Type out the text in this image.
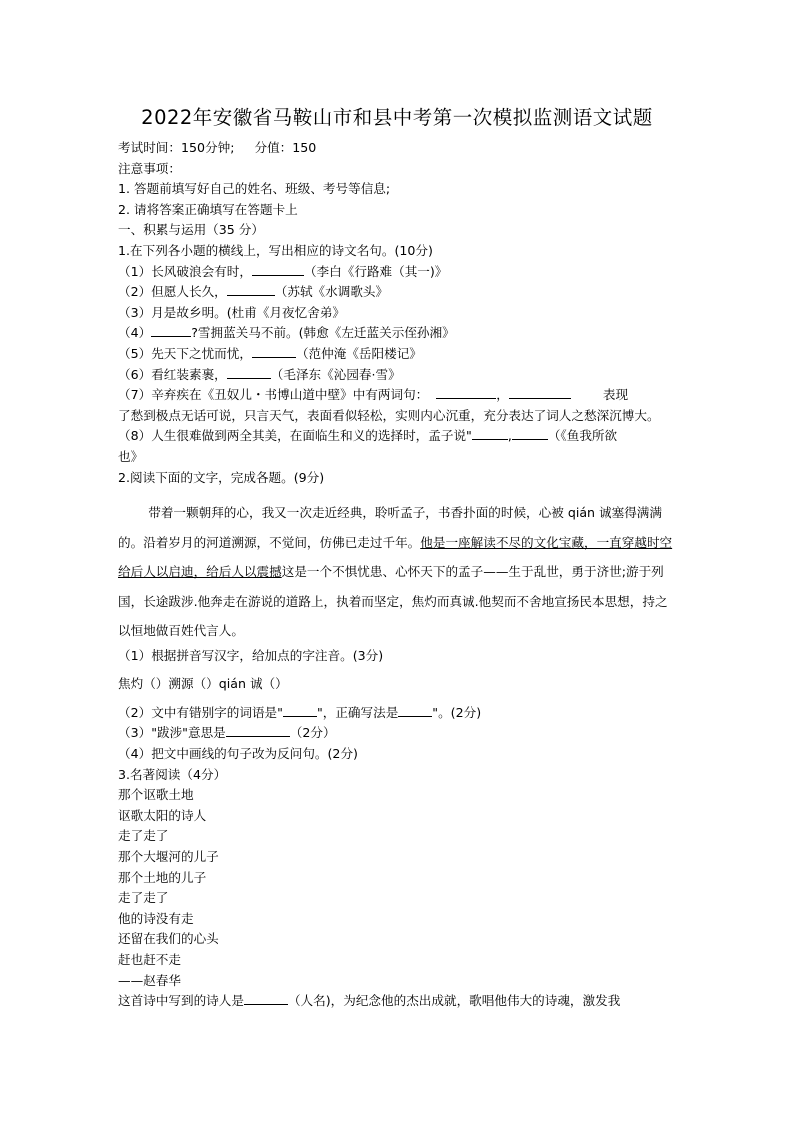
2022年安徽省马鞍山市和县中考第一次模拟监测语文试题
考试时间：150分钟; 分值：150
注意事项：
1. 答题前填写好自己的姓名、班级、考号等信息;
2. 请将答案正确填写在答题卡上
一、积累与运用（35 分）
1.在下列各小题的横线上，写出相应的诗文名句。(10分)
（1）长风破浪会有时，	（李白《行路难（其一)》
（2）但愿人长久，	（苏轼《水调歌头》
（3）月是故乡明。(杜甫《月夜忆舍弟》
（4）	?雪拥蓝关马不前。(韩愈《左迁蓝关示侄孙湘》
（5）先天下之忧而忧，	（范仲淹《岳阳楼记》
（6）看红装素裹，	（毛泽东《沁园春·雪》
（7）辛弃疾在《丑奴儿・书博山道中壁》中有两词句：	，	表现
了愁到极点无话可说，只言天气，表面看似轻松，实则内心沉重，充分表达了词人之愁深沉博大。
（8）人生很难做到两全其美，在面临生和义的选择时，孟子说"	,	（《鱼我所欲
也》
2.阅读下面的文字，完成各题。(9分)
带着一颗朝拜的心，我又一次走近经典，聆听孟子，书香扑面的时候，心被 qián 诚塞得满满的。沿着岁月的河道溯源，不觉间，仿佛已走过千年。他是一座解读不尽的文化宝藏，一直穿越时空给后人以启迪，给后人以震撼这是一个不惧忧患、心怀天下的孟子——生于乱世，勇于济世;游于列国，长途跋涉.他奔走在游说的道路上，执着而坚定，焦灼而真诚.他契而不舍地宣扬民本思想，持之以恒地做百姓代言人。
（1）根据拼音写汉字，给加点的字注音。(3分)
焦灼（）溯源（）qián 诚（）
（2）文中有错别字的词语是"	"，正确写法是	"。(2分)
（3）"跋涉"意思是	（2分）
（4）把文中画线的句子改为反问句。(2分)
3.名著阅读（4分）
那个讴歌土地
讴歌太阳的诗人
走了走了
那个大堰河的儿子
那个土地的儿子
走了走了
他的诗没有走
还留在我们的心头
赶也赶不走
——赵春华
这首诗中写到的诗人是	（人名)，为纪念他的杰出成就，歌唱他伟大的诗魂，激发我
